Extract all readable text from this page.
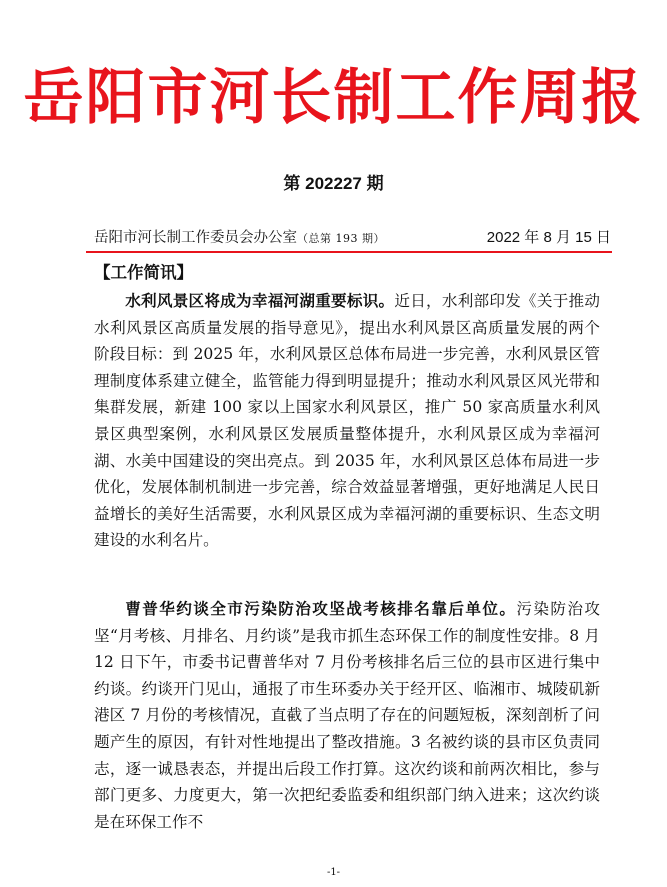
岳阳市河长制工作周报
第 202227 期
岳阳市河长制工作委员会办公室（总第 193 期）	2022 年 8 月 15 日
【工作简讯】

水利风景区将成为幸福河湖重要标识。近日，水利部印发《关于推动水利风景区高质量发展的指导意见》，提出水利风景区高质量发展的两个阶段目标：到 2025 年，水利风景区总体布局进一步完善，水利风景区管理制度体系建立健全，监管能力得到明显提升；推动水利风景区风光带和集群发展，新建 100 家以上国家水利风景区，推广 50 家高质量水利风景区典型案例，水利风景区发展质量整体提升，水利风景区成为幸福河湖、水美中国建设的突出亮点。到 2035 年，水利风景区总体布局进一步优化，发展体制机制进一步完善，综合效益显著增强，更好地满足人民日益增长的美好生活需要，水利风景区成为幸福河湖的重要标识、生态文明建设的水利名片。

曹普华约谈全市污染防治攻坚战考核排名靠后单位。污染防治攻坚“月考核、月排名、月约谈”是我市抓生态环保工作的制度性安排。8 月 12 日下午，市委书记曹普华对 7 月份考核排名后三位的县市区进行集中约谈。约谈开门见山，通报了市生环委办关于经开区、临湘市、城陵矶新港区 7 月份的考核情况，直截了当点明了存在的问题短板，深刻剖析了问题产生的原因，有针对性地提出了整改措施。3 名被约谈的县市区负责同志，逐一诚恳表态，并提出后段工作打算。这次约谈和前两次相比，参与部门更多、力度更大，第一次把纪委监委和组织部门纳入进来；这次约谈是在环保工作不

-1-
